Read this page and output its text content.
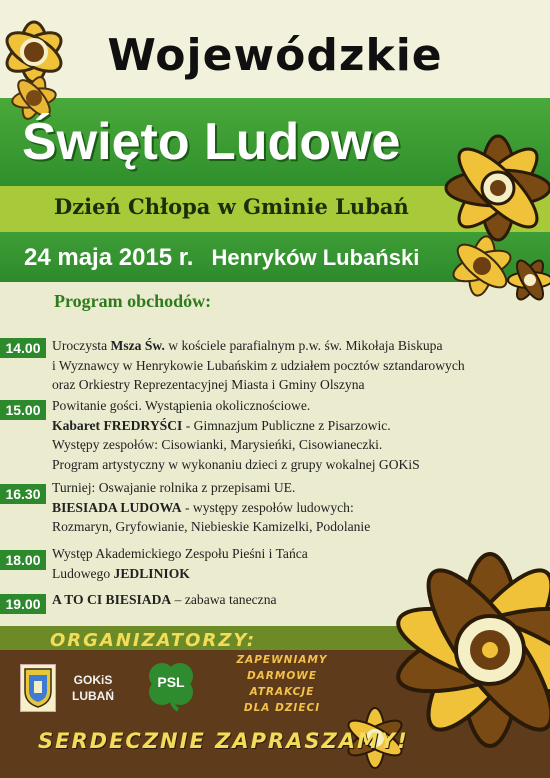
Wojewódzkie
Święto Ludowe
Dzień Chłopa w Gminie Lubań
24 maja 2015 r. Henryków Lubański
Program obchodów:
14.00 Uroczysta Msza Św. w kościele parafialnym p.w. św. Mikołaja Biskupa
i Wyznawcy w Henrykowie Lubańskim z udziałem pocztów sztandarowych
oraz Orkiestry Reprezentacyjnej Miasta i Gminy Olszyna
15.00 Powitanie gości. Wystąpienia okolicznościowe.
Kabaret FREDRYŚCI - Gimnazjum Publiczne z Pisarzowic.
Występy zespołów: Cisowianki, Marysieńki, Cisowianeczki.
Program artystyczny w wykonaniu dzieci z grupy wokalnej GOKiS
16.30 Turniej: Oswajanie rolnika z przepisami UE.
BIESIADA LUDOWA - występy zespołów ludowych:
Rozmaryn, Gryfowianie, Niebieskie Kamizelki, Podolanie
18.00 Występ Akademickiego Zespołu Pieśni i Tańca
Ludowego JEDLINIOK
19.00 A TO CI BIESIADA – zabawa taneczna
ORGANIZATORZY:
GOKiS
LUBAŃ
PSL
ZAPEWNIAMY
DARMOWE ATRAKCJE
DLA DZIECI
SERDECZNIE ZAPRASZAMY!
